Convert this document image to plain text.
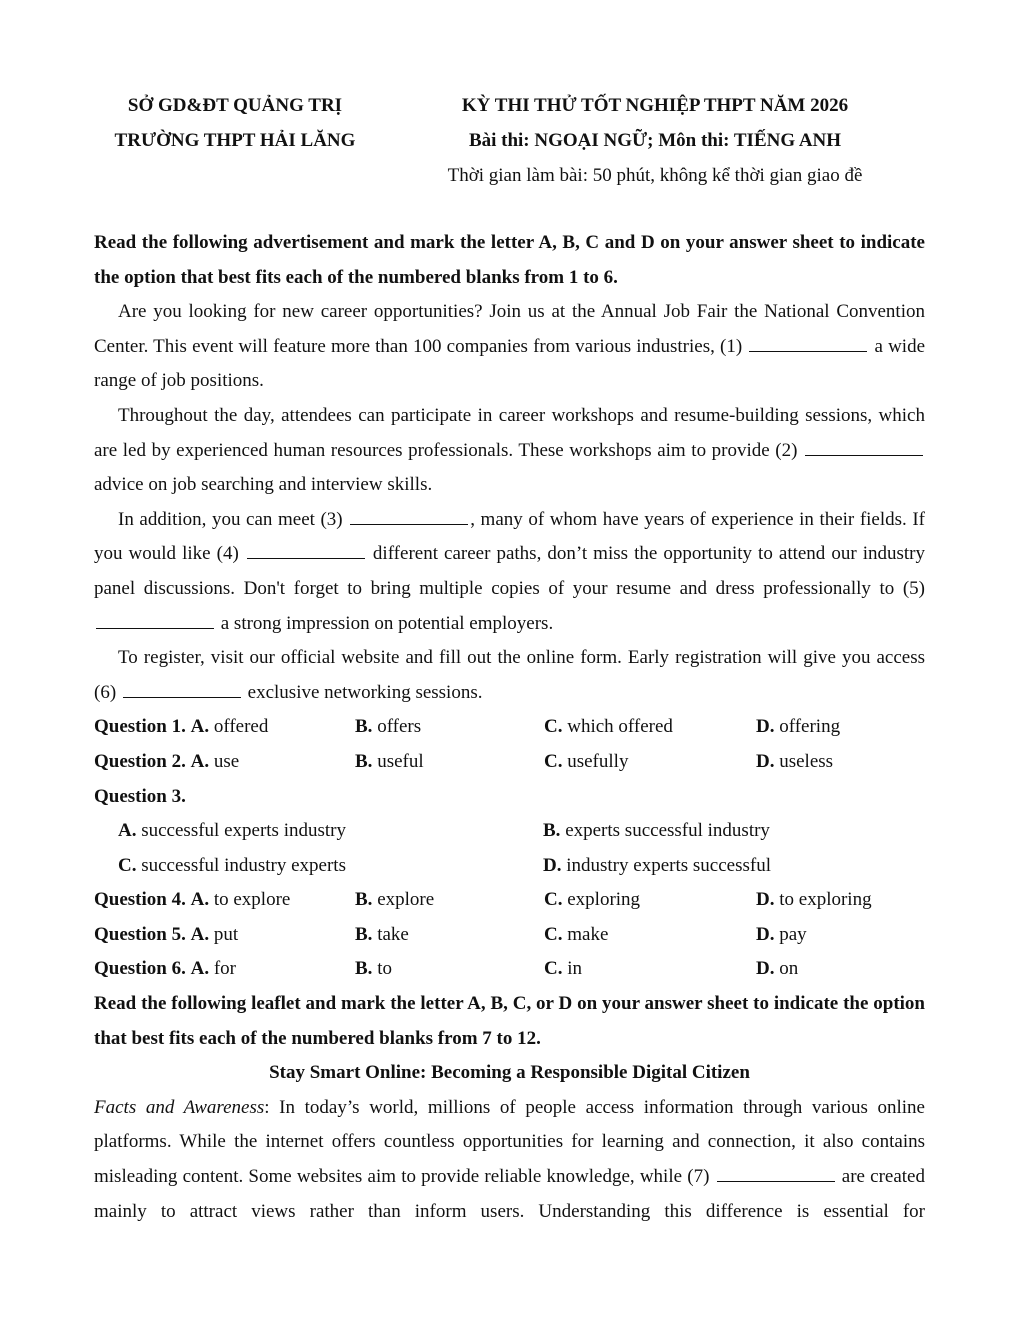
SỞ GD&ĐT QUẢNG TRỊ
TRƯỜNG THPT HẢI LĂNG
KỲ THI THỬ TỐT NGHIỆP THPT NĂM 2026
Bài thi: NGOẠI NGỮ; Môn thi: TIẾNG ANH
Thời gian làm bài: 50 phút, không kể thời gian giao đề
Read the following advertisement and mark the letter A, B, C and D on your answer sheet to indicate the option that best fits each of the numbered blanks from 1 to 6.
Are you looking for new career opportunities? Join us at the Annual Job Fair the National Convention Center. This event will feature more than 100 companies from various industries, (1)	a wide range of job positions.
Throughout the day, attendees can participate in career workshops and resume-building sessions, which are led by experienced human resources professionals. These workshops aim to provide (2)  advice on job searching and interview skills.
In addition, you can meet (3)	, many of whom have years of experience in their fields. If you would like (4)	different career paths, don’t miss the opportunity to attend our industry panel discussions. Don't forget to bring multiple copies of your resume and dress professionally to (5)  a strong impression on potential employers.
To register, visit our official website and fill out the online form. Early registration will give you access (6)	exclusive networking sessions.
Question 1. A. offered	B. offers	C. which offered	D. offering
Question 2. A. use	B. useful	C. usefully	D. useless
Question 3.
A. successful experts industry	B. experts successful industry
C. successful industry experts	D. industry experts successful
Question 4. A. to explore	B. explore	C. exploring	D. to exploring
Question 5. A. put	B. take	C. make	D. pay
Question 6. A. for	B. to	C. in	D. on
Read the following leaflet and mark the letter A, B, C, or D on your answer sheet to indicate the option that best fits each of the numbered blanks from 7 to 12.
Stay Smart Online: Becoming a Responsible Digital Citizen
Facts and Awareness: In today’s world, millions of people access information through various online platforms. While the internet offers countless opportunities for learning and connection, it also contains misleading content. Some websites aim to provide reliable knowledge, while (7)	are created mainly to attract views rather than inform users. Understanding this difference is essential for
